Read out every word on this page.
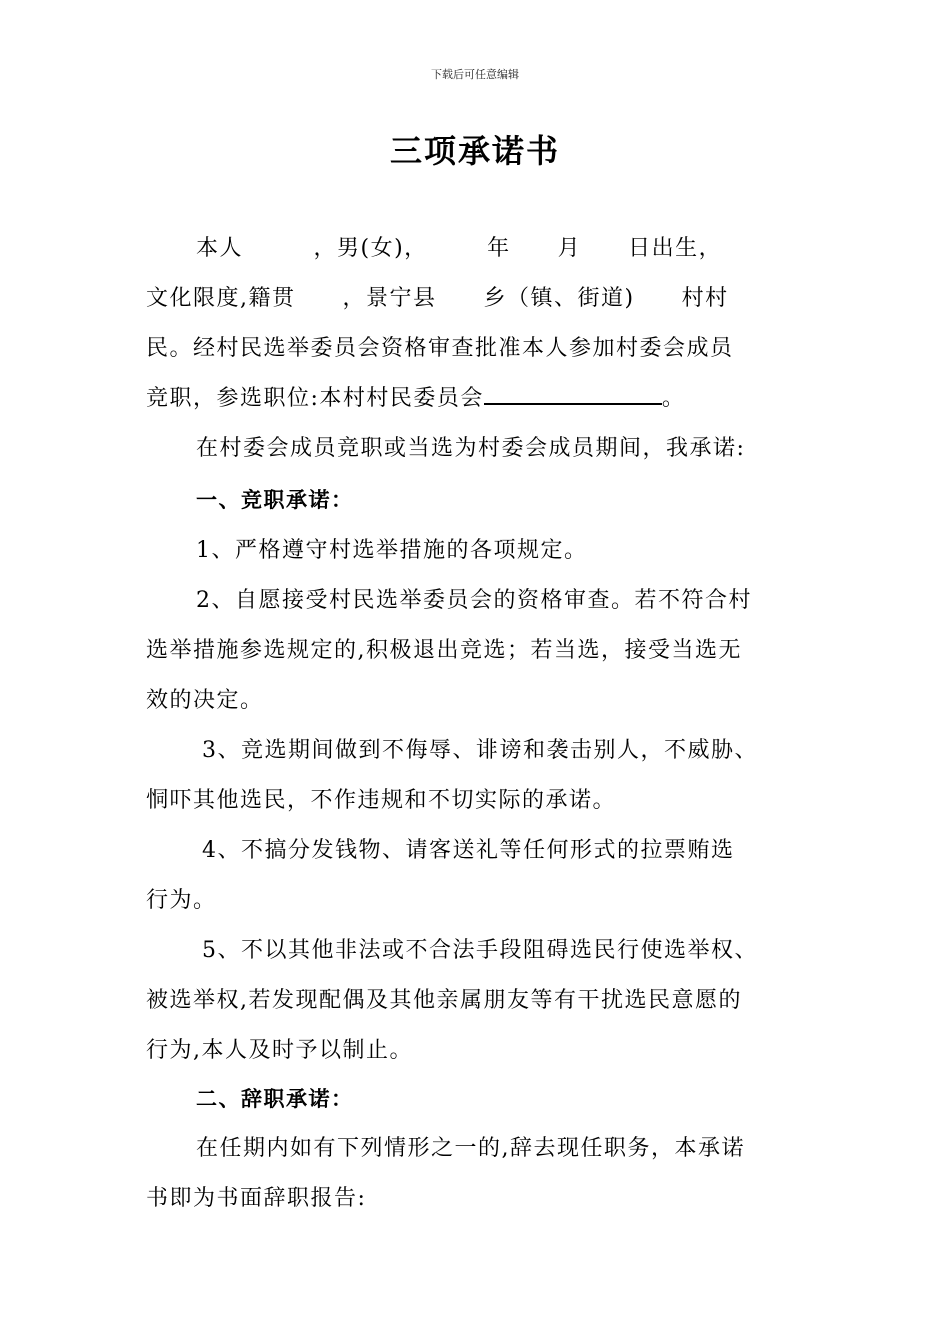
下载后可任意编辑
三项承诺书
本人　　　，男(女)，　　　年　　月　　日出生，
文化限度,籍贯　　，景宁县　　乡（镇、街道)　　村村
民。经村民选举委员会资格审查批准本人参加村委会成员
竞职，参选职位:本村村民委员会	。
在村委会成员竞职或当选为村委会成员期间，我承诺:
一、竞职承诺：
1、严格遵守村选举措施的各项规定。
2、自愿接受村民选举委员会的资格审查。若不符合村
选举措施参选规定的,积极退出竞选；若当选，接受当选无
效的决定。
3、竞选期间做到不侮辱、诽谤和袭击别人，不威胁、
恫吓其他选民，不作违规和不切实际的承诺。
4、不搞分发钱物、请客送礼等任何形式的拉票贿选
行为。
5、不以其他非法或不合法手段阻碍选民行使选举权、
被选举权,若发现配偶及其他亲属朋友等有干扰选民意愿的
行为,本人及时予以制止。
二、辞职承诺：
在任期内如有下列情形之一的,辞去现任职务，本承诺
书即为书面辞职报告:
